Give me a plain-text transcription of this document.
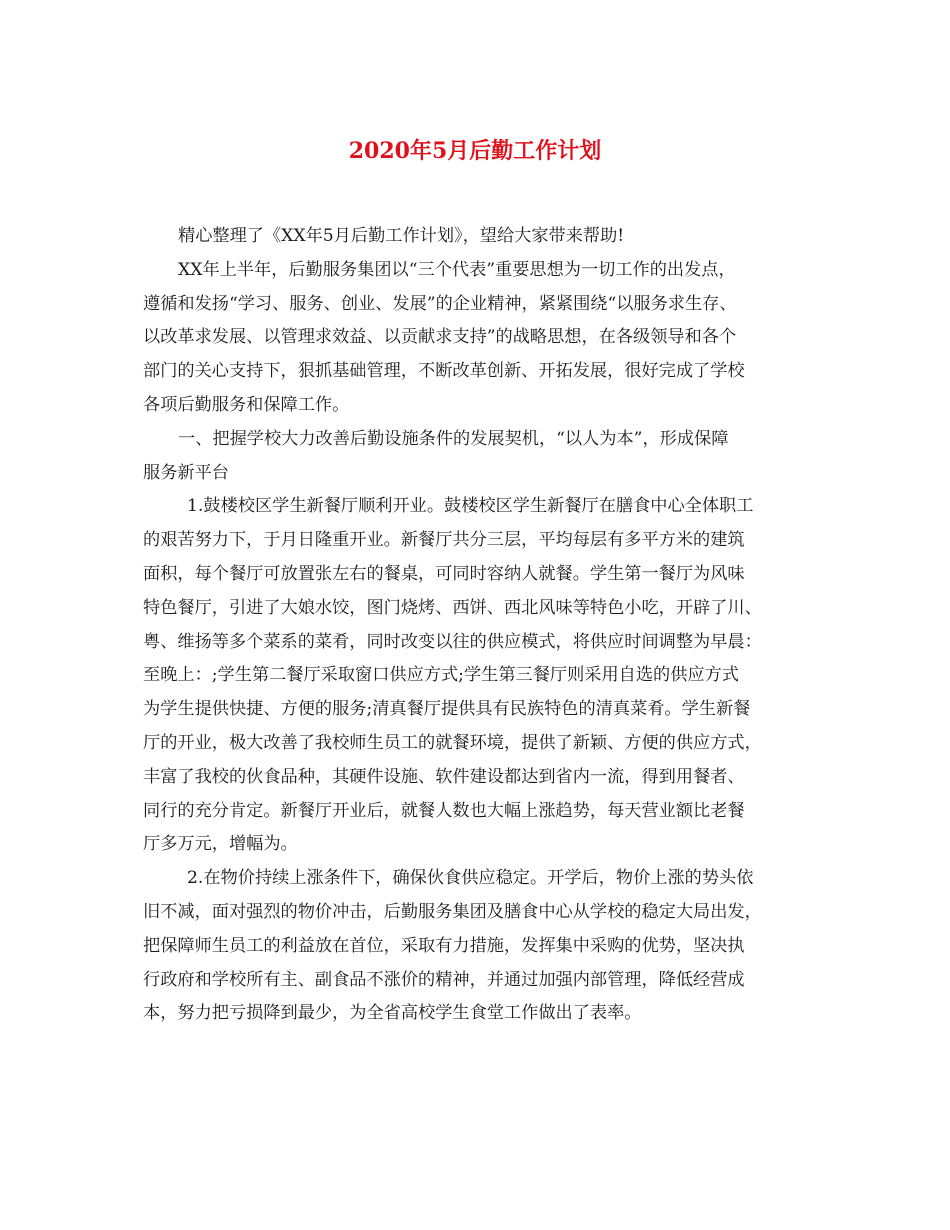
2020年5月后勤工作计划
精心整理了《XX年5月后勤工作计划》，望给大家带来帮助!
XX年上半年，后勤服务集团以“三个代表”重要思想为一切工作的出发点，
遵循和发扬“学习、服务、创业、发展”的企业精神，紧紧围绕“以服务求生存、
以改革求发展、以管理求效益、以贡献求支持”的战略思想，在各级领导和各个
部门的关心支持下，狠抓基础管理，不断改革创新、开拓发展，很好完成了学校
各项后勤服务和保障工作。
一、把握学校大力改善后勤设施条件的发展契机，“以人为本”，形成保障
服务新平台
1.鼓楼校区学生新餐厅顺利开业。鼓楼校区学生新餐厅在膳食中心全体职工
的艰苦努力下，于月日隆重开业。新餐厅共分三层，平均每层有多平方米的建筑
面积，每个餐厅可放置张左右的餐桌，可同时容纳人就餐。学生第一餐厅为风味
特色餐厅，引进了大娘水饺，图门烧烤、西饼、西北风味等特色小吃，开辟了川、
粤、维扬等多个菜系的菜肴，同时改变以往的供应模式，将供应时间调整为早晨：
至晚上：;学生第二餐厅采取窗口供应方式;学生第三餐厅则采用自选的供应方式
为学生提供快捷、方便的服务;清真餐厅提供具有民族特色的清真菜肴。学生新餐
厅的开业，极大改善了我校师生员工的就餐环境，提供了新颖、方便的供应方式，
丰富了我校的伙食品种，其硬件设施、软件建设都达到省内一流，得到用餐者、
同行的充分肯定。新餐厅开业后，就餐人数也大幅上涨趋势，每天营业额比老餐
厅多万元，增幅为。
2.在物价持续上涨条件下，确保伙食供应稳定。开学后，物价上涨的势头依
旧不减，面对强烈的物价冲击，后勤服务集团及膳食中心从学校的稳定大局出发，
把保障师生员工的利益放在首位，采取有力措施，发挥集中采购的优势，坚决执
行政府和学校所有主、副食品不涨价的精神，并通过加强内部管理，降低经营成
本，努力把亏损降到最少，为全省高校学生食堂工作做出了表率。
